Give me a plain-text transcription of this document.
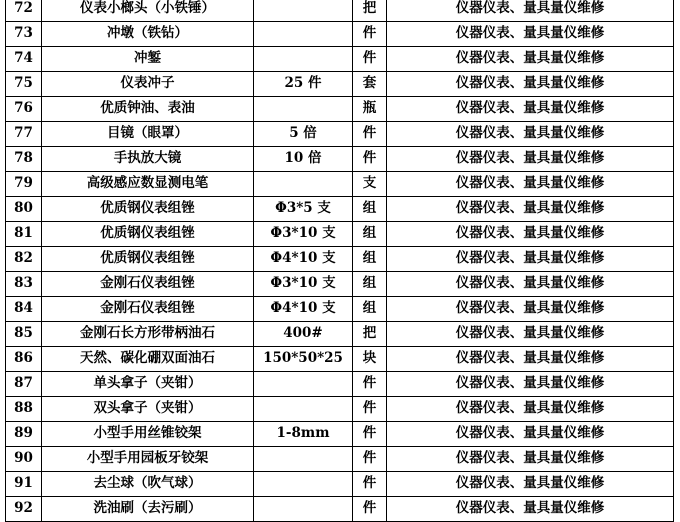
72	仪表小榔头（小铁锤）		把	仪器仪表、量具量仪维修
73	冲墩（铁钻）		件	仪器仪表、量具量仪维修
74	冲錾		件	仪器仪表、量具量仪维修
75	仪表冲子	25 件	套	仪器仪表、量具量仪维修
76	优质钟油、表油		瓶	仪器仪表、量具量仪维修
77	目镜（眼罩）	5 倍	件	仪器仪表、量具量仪维修
78	手执放大镜	10 倍	件	仪器仪表、量具量仪维修
79	高级感应数显测电笔		支	仪器仪表、量具量仪维修
80	优质钢仪表组锉	Φ3*5 支	组	仪器仪表、量具量仪维修
81	优质钢仪表组锉	Φ3*10 支	组	仪器仪表、量具量仪维修
82	优质钢仪表组锉	Φ4*10 支	组	仪器仪表、量具量仪维修
83	金刚石仪表组锉	Φ3*10 支	组	仪器仪表、量具量仪维修
84	金刚石仪表组锉	Φ4*10 支	组	仪器仪表、量具量仪维修
85	金刚石长方形带柄油石	400#	把	仪器仪表、量具量仪维修
86	天然、碳化硼双面油石	150*50*25	块	仪器仪表、量具量仪维修
87	单头拿子（夹钳）		件	仪器仪表、量具量仪维修
88	双头拿子（夹钳）		件	仪器仪表、量具量仪维修
89	小型手用丝锥铰架	1-8mm	件	仪器仪表、量具量仪维修
90	小型手用园板牙铰架		件	仪器仪表、量具量仪维修
91	去尘球（吹气球）		件	仪器仪表、量具量仪维修
92	洗油刷（去污刷）		件	仪器仪表、量具量仪维修
